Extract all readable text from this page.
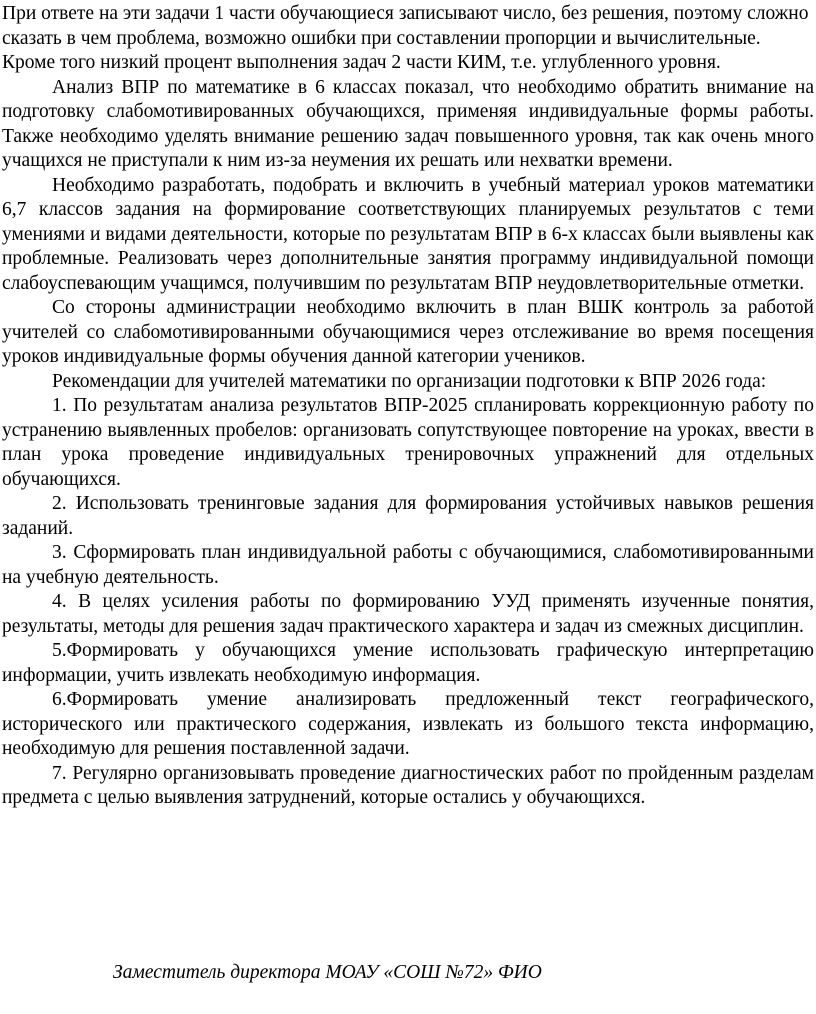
При ответе на эти задачи 1 части обучающиеся записывают число, без решения, поэтому сложно сказать в чем проблема, возможно ошибки при составлении пропорции и вычислительные.

Кроме того низкий процент выполнения задач 2 части КИМ, т.е. углубленного уровня.

Анализ ВПР по математике в 6 классах показал, что необходимо обратить внимание на подготовку слабомотивированных обучающихся, применяя индивидуальные формы работы. Также необходимо уделять внимание решению задач повышенного уровня, так как очень много учащихся не приступали к ним из-за неумения их решать или нехватки времени.

Необходимо разработать, подобрать и включить в учебный материал уроков математики 6,7 классов задания на формирование соответствующих планируемых результатов с теми умениями и видами деятельности, которые по результатам ВПР в 6-х классах были выявлены как проблемные. Реализовать через дополнительные занятия программу индивидуальной помощи слабоуспевающим учащимся, получившим по результатам ВПР неудовлетворительные отметки.

Со стороны администрации необходимо включить в план ВШК контроль за работой учителей со слабомотивированными обучающимися через отслеживание во время посещения уроков индивидуальные формы обучения данной категории учеников.

Рекомендации для учителей математики по организации подготовки к ВПР 2026 года:

1. По результатам анализа результатов ВПР-2025 спланировать коррекционную работу по устранению выявленных пробелов: организовать сопутствующее повторение на уроках, ввести в план урока проведение индивидуальных тренировочных упражнений для отдельных обучающихся.

2. Использовать тренинговые задания для формирования устойчивых навыков решения заданий.

3. Сформировать план индивидуальной работы с обучающимися, слабомотивированными на учебную деятельность.

4. В целях усиления работы по формированию УУД применять изученные понятия, результаты, методы для решения задач практического характера и задач из смежных дисциплин.

5.Формировать у обучающихся умение использовать графическую интерпретацию информации, учить извлекать необходимую информация.

6.Формировать умение анализировать предложенный текст географического, исторического или практического содержания, извлекать из большого текста информацию, необходимую для решения поставленной задачи.

7. Регулярно организовывать проведение диагностических работ по пройденным разделам предмета с целью выявления затруднений, которые остались у обучающихся.

Заместитель директора МОАУ «СОШ №72» ФИО
